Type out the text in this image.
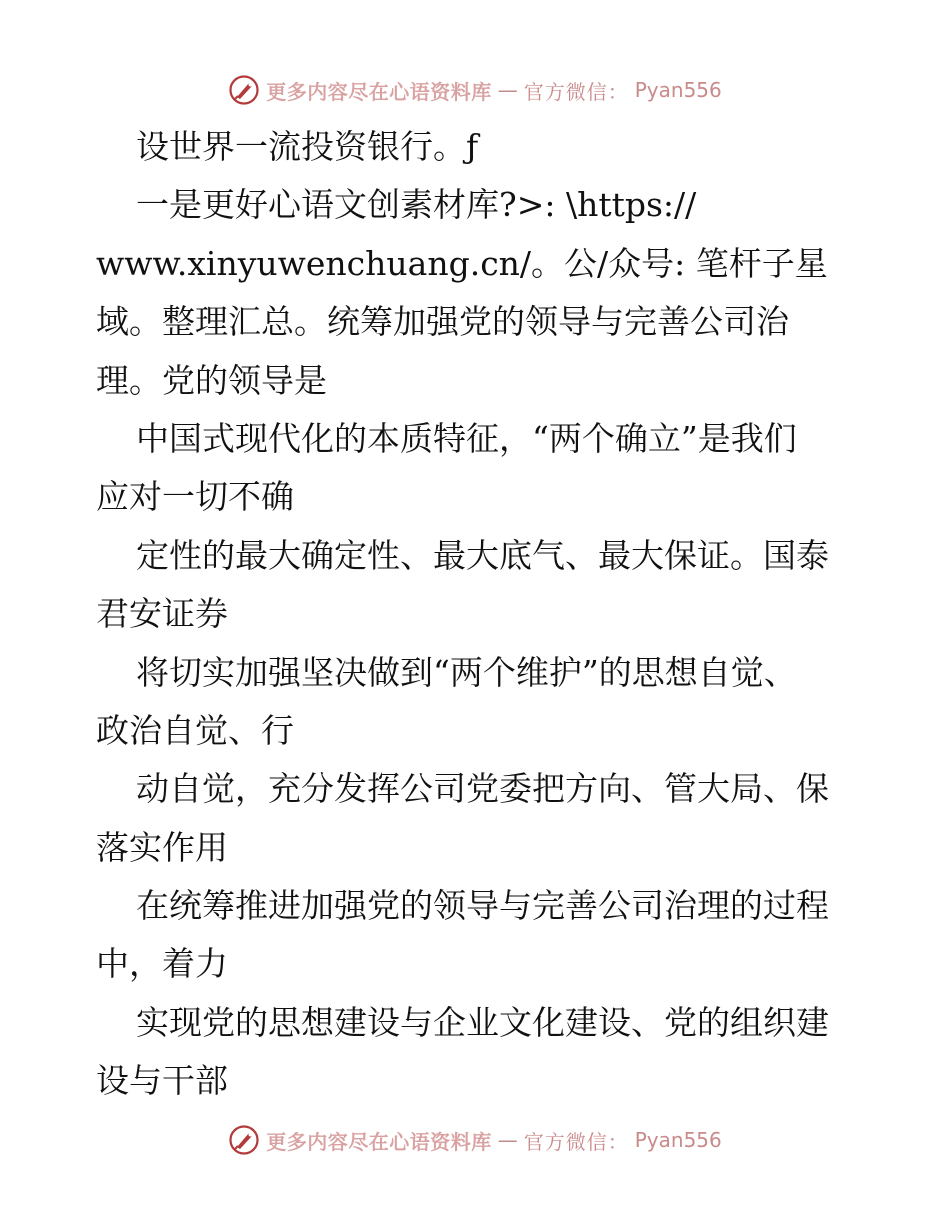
更多内容尽在心语资料库 — 官方微信： Pyan556
设世界一流投资银行。ƒ
一是更好心语文创素材库?>: \https://
www.xinyuwenchuang.cn/。公/众号: 笔杆子星
域。整理汇总。统筹加强党的领导与完善公司治
理。党的领导是
中国式现代化的本质特征，“两个确立”是我们
应对一切不确
定性的最大确定性、最大底气、最大保证。国泰
君安证券
将切实加强坚决做到“两个维护”的思想自觉、
政治自觉、行
动自觉，充分发挥公司党委把方向、管大局、保
落实作用
在统筹推进加强党的领导与完善公司治理的过程
中，着力
实现党的思想建设与企业文化建设、党的组织建
设与干部
更多内容尽在心语资料库 — 官方微信： Pyan556
